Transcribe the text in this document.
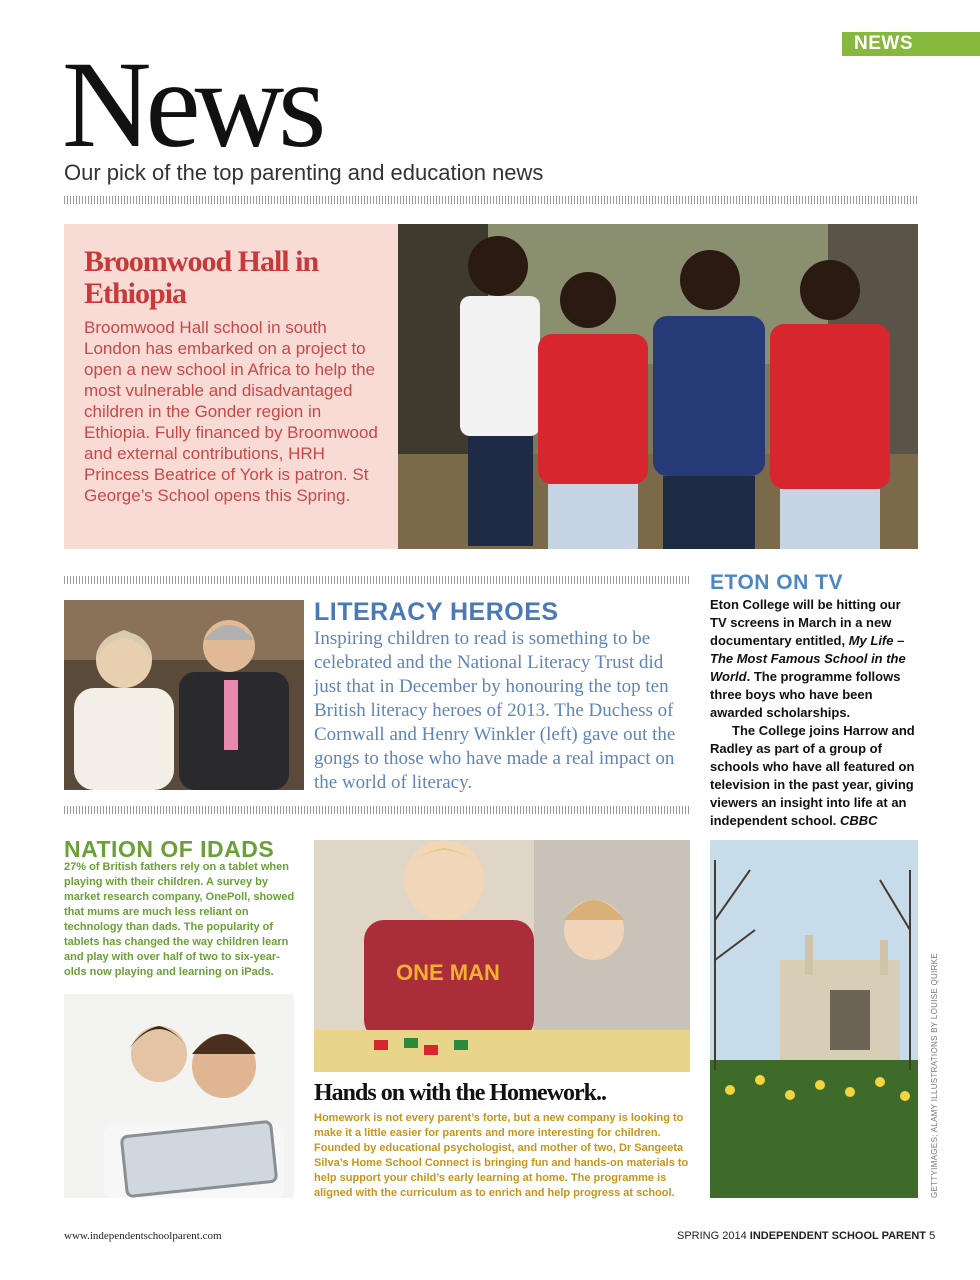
NEWS
News
Our pick of the top parenting and education news
Broomwood Hall in Ethiopia
Broomwood Hall school in south London has embarked on a project to open a new school in Africa to help the most vulnerable and disadvantaged children in the Gonder region in Ethiopia. Fully financed by Broomwood and external contributions, HRH Princess Beatrice of York is patron. St George’s School opens this Spring.
LITERACY HEROES
Inspiring children to read is something to be celebrated and the National Literacy Trust did just that in December by honouring the top ten British literacy heroes of 2013. The Duchess of Cornwall and Henry Winkler (left) gave out the gongs to those who have made a real impact on the world of literacy.
ETON ON TV

Eton College will be hitting our TV screens in March in a new documentary entitled, My Life – The Most Famous School in the World. The programme follows three boys who have been awarded scholarships.

The College joins Harrow and Radley as part of a group of schools who have all featured on television in the past year, giving viewers an insight into life at an independent school. CBBC

NATION OF IDADS
27% of British fathers rely on a tablet when playing with their children. A survey by market research company, OnePoll, showed that mums are much less reliant on technology than dads. The popularity of tablets has changed the way children learn and play with over half of two to six-year-olds now playing and learning on iPads.	ONE MAN
Hands on with the Homework..
Homework is not every parent’s forte, but a new company is looking to make it a little easier for parents and more interesting for children. Founded by educational psychologist, and mother of two, Dr Sangeeta Silva’s Home School Connect is bringing fun and hands-on materials to help support your child’s early learning at home. The programme is aligned with the curriculum as to enrich and help progress at school.	GETTYIMAGES; ALAMY ILLUSTRATIONS BY LOUISE QUIRKE
www.independentschoolparent.com	SPRING 2014 INDEPENDENT SCHOOL PARENT 5
